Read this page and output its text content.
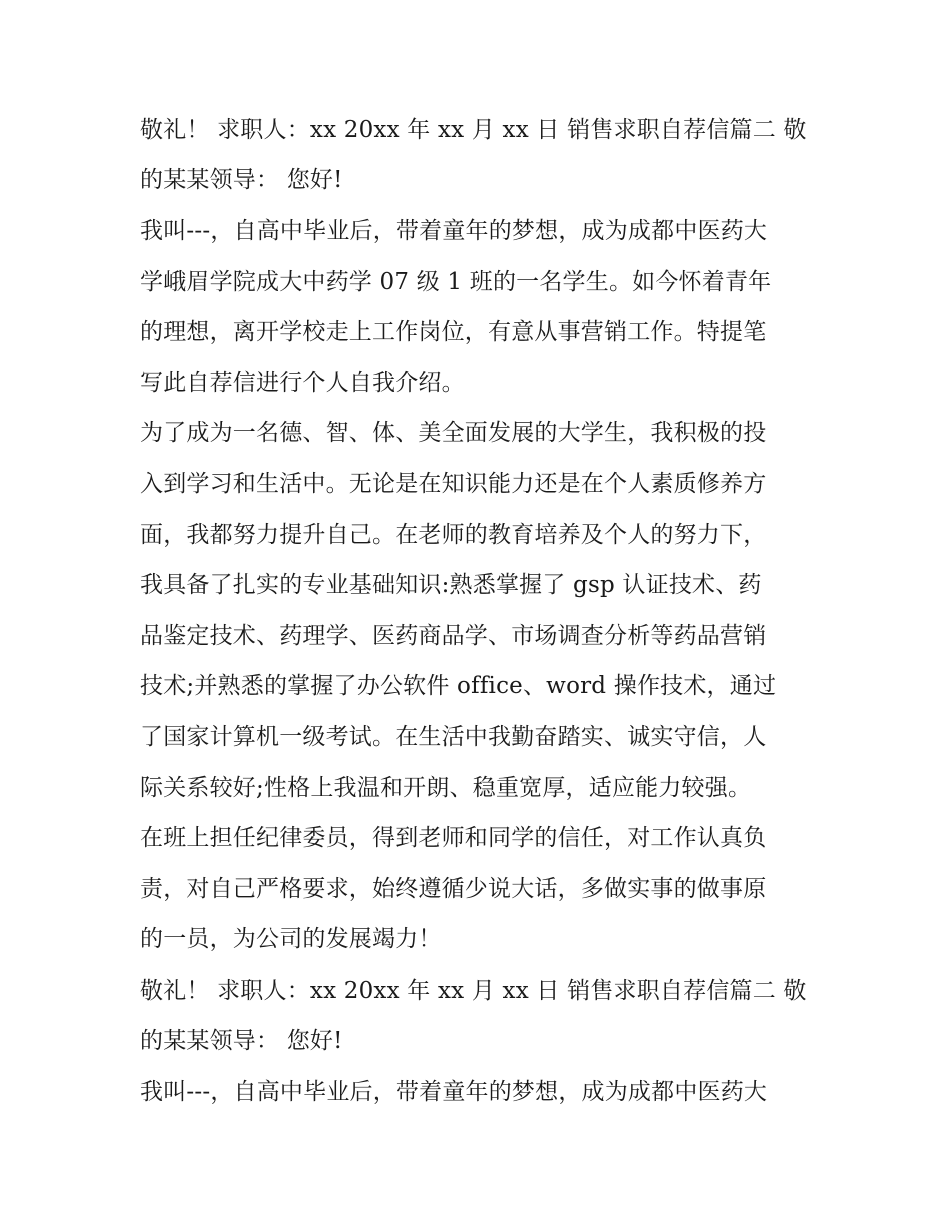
敬礼！ 求职人：xx 20xx 年 xx 月 xx 日 销售求职自荐信篇二 敬
的某某领导： 您好!
我叫---，自高中毕业后，带着童年的梦想，成为成都中医药大
学峨眉学院成大中药学 07 级 1 班的一名学生。如今怀着青年
的理想，离开学校走上工作岗位，有意从事营销工作。特提笔
写此自荐信进行个人自我介绍。
为了成为一名德、智、体、美全面发展的大学生，我积极的投
入到学习和生活中。无论是在知识能力还是在个人素质修养方
面，我都努力提升自己。在老师的教育培养及个人的努力下，
我具备了扎实的专业基础知识:熟悉掌握了 gsp 认证技术、药
品鉴定技术、药理学、医药商品学、市场调查分析等药品营销
技术;并熟悉的掌握了办公软件 office、word 操作技术，通过
了国家计算机一级考试。在生活中我勤奋踏实、诚实守信，人
际关系较好;性格上我温和开朗、稳重宽厚，适应能力较强。
在班上担任纪律委员，得到老师和同学的信任，对工作认真负
责，对自己严格要求，始终遵循少说大话，多做实事的做事原
的一员，为公司的发展竭力！
敬礼！ 求职人：xx 20xx 年 xx 月 xx 日 销售求职自荐信篇二 敬
的某某领导： 您好!
我叫---，自高中毕业后，带着童年的梦想，成为成都中医药大
